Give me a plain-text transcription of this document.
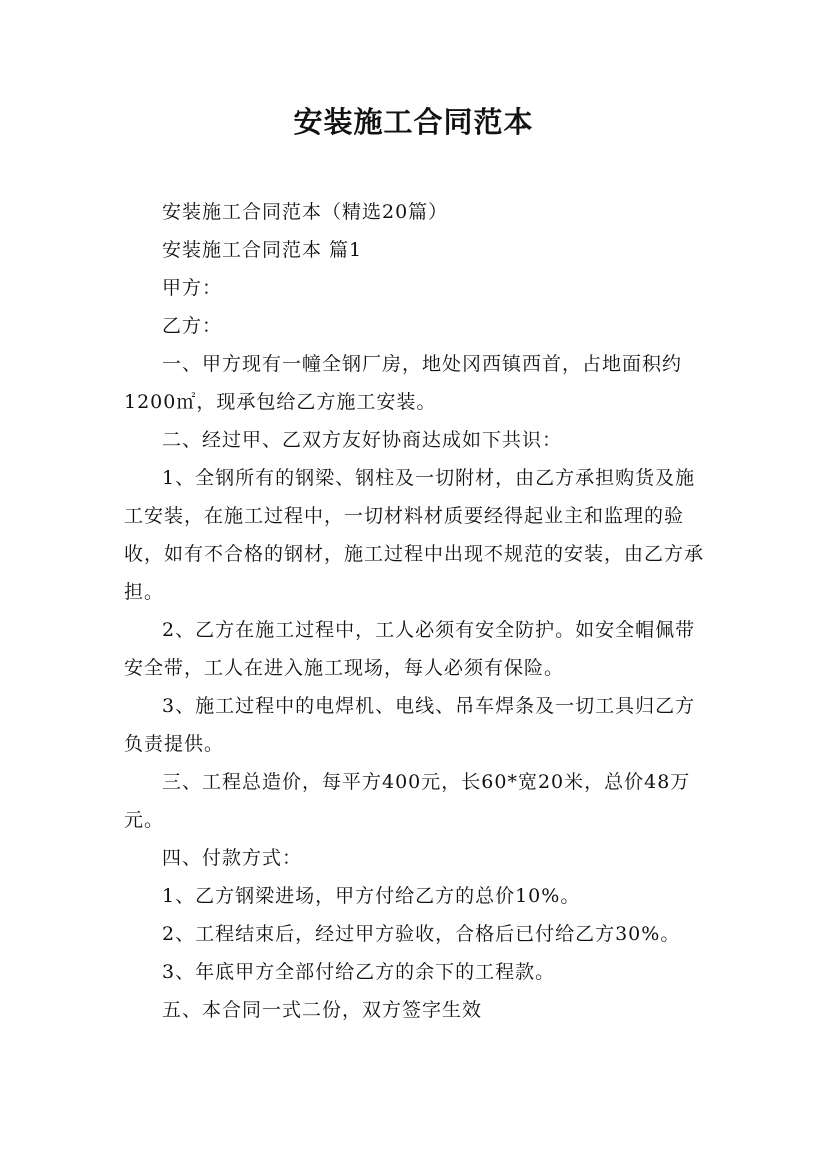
安装施工合同范本

安装施工合同范本（精选20篇）

安装施工合同范本 篇1

甲方：

乙方：

一、甲方现有一幢全钢厂房，地处冈西镇西首，占地面积约1200㎡，现承包给乙方施工安装。

二、经过甲、乙双方友好协商达成如下共识：

1、全钢所有的钢梁、钢柱及一切附材，由乙方承担购货及施工安装，在施工过程中，一切材料材质要经得起业主和监理的验收，如有不合格的钢材，施工过程中出现不规范的安装，由乙方承担。

2、乙方在施工过程中，工人必须有安全防护。如安全帽佩带安全带，工人在进入施工现场，每人必须有保险。

3、施工过程中的电焊机、电线、吊车焊条及一切工具归乙方负责提供。

三、工程总造价，每平方400元，长60*宽20米，总价48万元。

四、付款方式：

1、乙方钢梁进场，甲方付给乙方的总价10%。

2、工程结束后，经过甲方验收，合格后已付给乙方30%。

3、年底甲方全部付给乙方的余下的工程款。

五、本合同一式二份，双方签字生效
